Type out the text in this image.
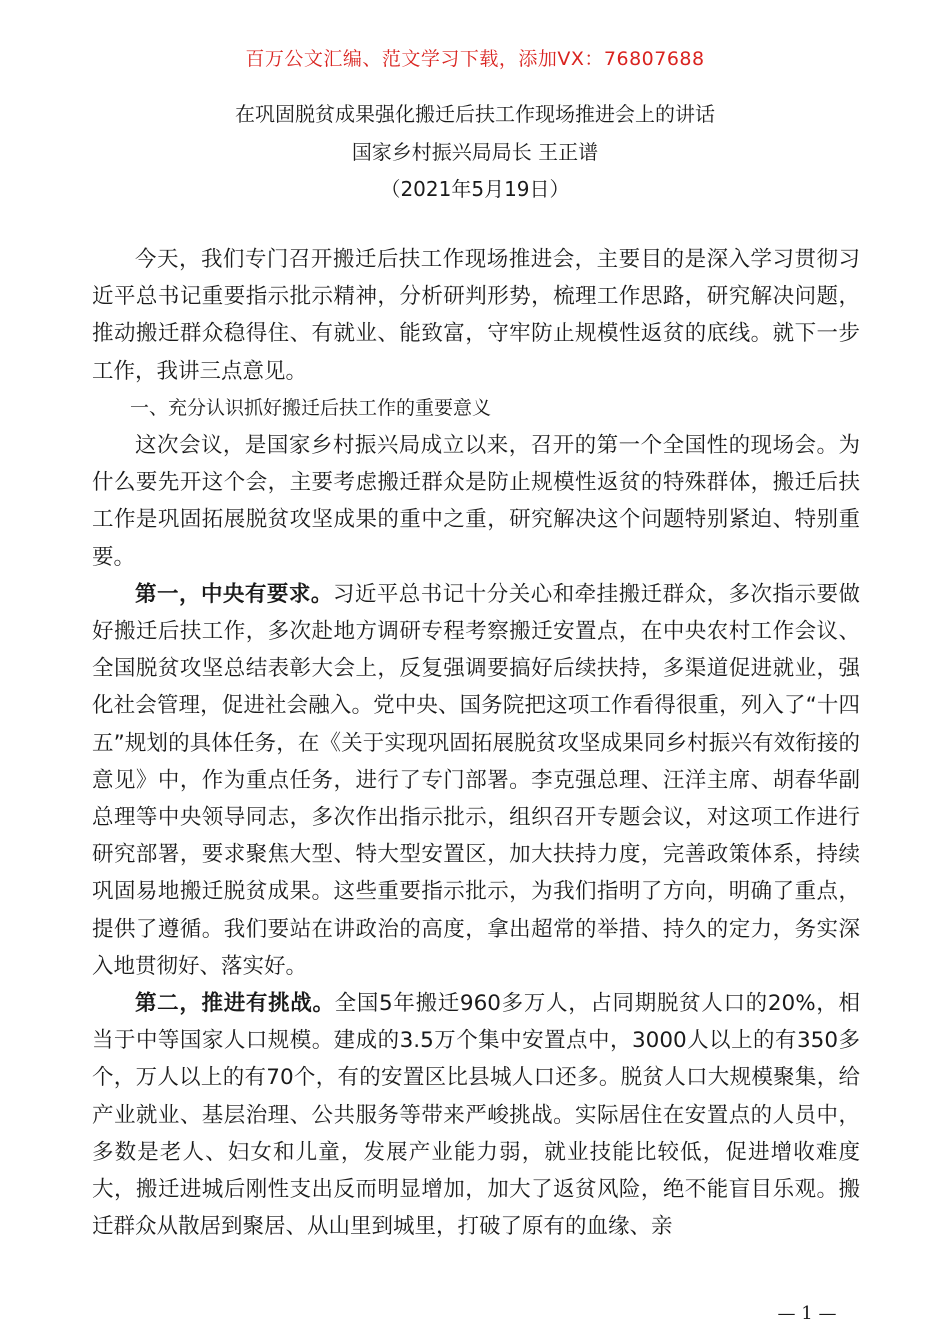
百万公文汇编、范文学习下载，添加VX：76807688
在巩固脱贫成果强化搬迁后扶工作现场推进会上的讲话
国家乡村振兴局局长 王正谱
（2021年5月19日）

今天，我们专门召开搬迁后扶工作现场推进会，主要目的是深入学习贯彻习近平总书记重要指示批示精神，分析研判形势，梳理工作思路，研究解决问题，推动搬迁群众稳得住、有就业、能致富，守牢防止规模性返贫的底线。就下一步工作，我讲三点意见。

一、充分认识抓好搬迁后扶工作的重要意义

这次会议，是国家乡村振兴局成立以来，召开的第一个全国性的现场会。为什么要先开这个会，主要考虑搬迁群众是防止规模性返贫的特殊群体，搬迁后扶工作是巩固拓展脱贫攻坚成果的重中之重，研究解决这个问题特别紧迫、特别重要。

第一，中央有要求。习近平总书记十分关心和牵挂搬迁群众，多次指示要做好搬迁后扶工作，多次赴地方调研专程考察搬迁安置点，在中央农村工作会议、全国脱贫攻坚总结表彰大会上，反复强调要搞好后续扶持，多渠道促进就业，强化社会管理，促进社会融入。党中央、国务院把这项工作看得很重，列入了“十四五”规划的具体任务，在《关于实现巩固拓展脱贫攻坚成果同乡村振兴有效衔接的意见》中，作为重点任务，进行了专门部署。李克强总理、汪洋主席、胡春华副总理等中央领导同志，多次作出指示批示，组织召开专题会议，对这项工作进行研究部署，要求聚焦大型、特大型安置区，加大扶持力度，完善政策体系，持续巩固易地搬迁脱贫成果。这些重要指示批示，为我们指明了方向，明确了重点，提供了遵循。我们要站在讲政治的高度，拿出超常的举措、持久的定力，务实深入地贯彻好、落实好。

第二，推进有挑战。全国5年搬迁960多万人，占同期脱贫人口的20%，相当于中等国家人口规模。建成的3.5万个集中安置点中，3000人以上的有350多个，万人以上的有70个，有的安置区比县城人口还多。脱贫人口大规模聚集，给产业就业、基层治理、公共服务等带来严峻挑战。实际居住在安置点的人员中，多数是老人、妇女和儿童，发展产业能力弱，就业技能比较低，促进增收难度大，搬迁进城后刚性支出反而明显增加，加大了返贫风险，绝不能盲目乐观。搬迁群众从散居到聚居、从山里到城里，打破了原有的血缘、亲

— 1 —
